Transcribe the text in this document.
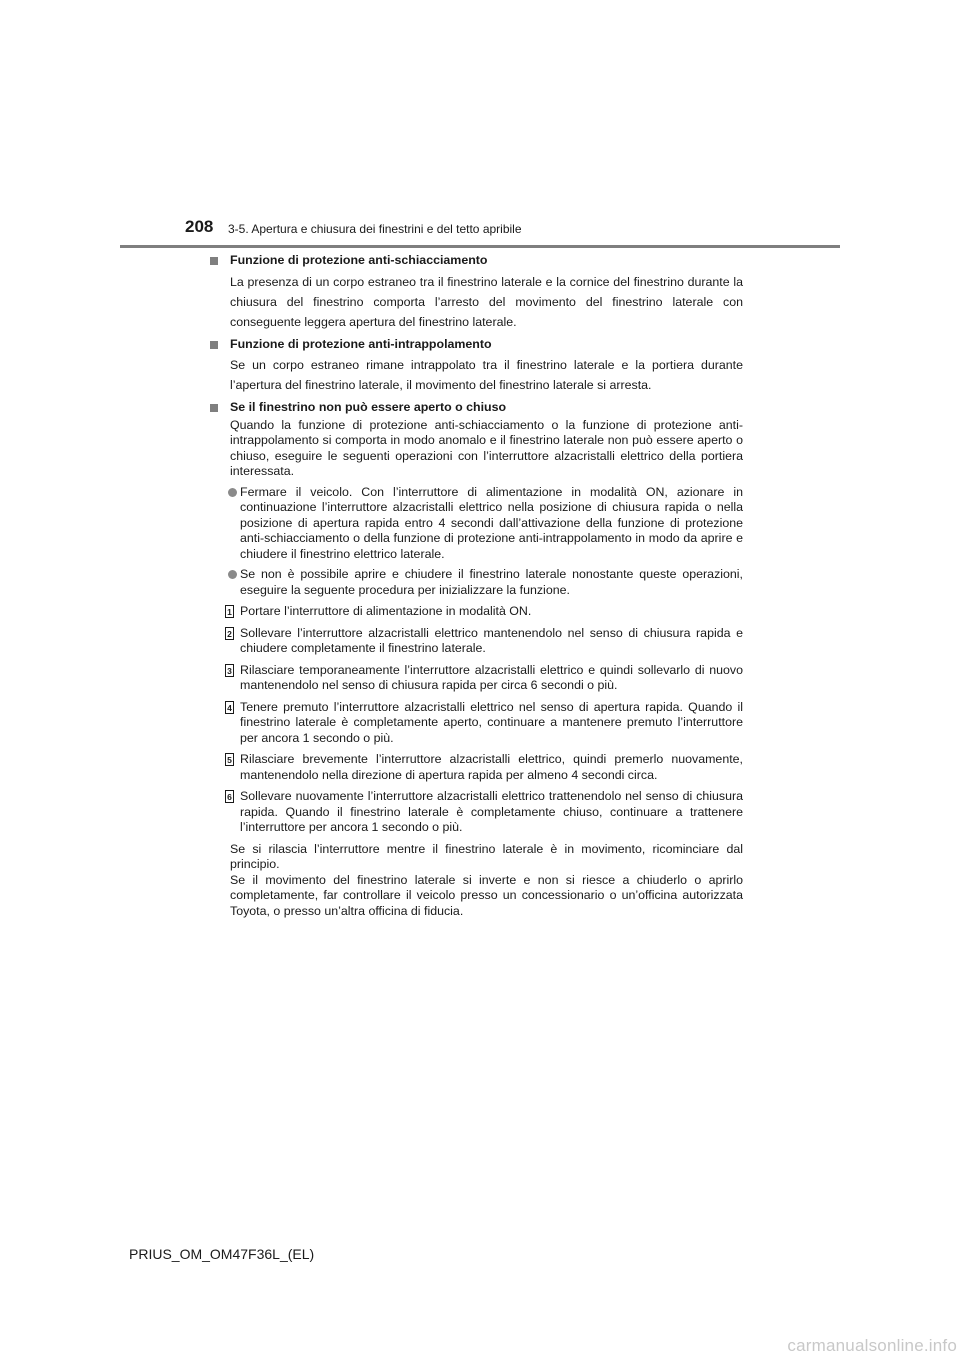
208 3-5. Apertura e chiusura dei finestrini e del tetto apribile
Funzione di protezione anti-schiacciamento
La presenza di un corpo estraneo tra il finestrino laterale e la cornice del finestrino durante la chiusura del finestrino comporta l’arresto del movimento del finestrino laterale con conseguente leggera apertura del finestrino laterale.
Funzione di protezione anti-intrappolamento
Se un corpo estraneo rimane intrappolato tra il finestrino laterale e la portiera durante l’apertura del finestrino laterale, il movimento del finestrino laterale si arresta.
Se il finestrino non può essere aperto o chiuso
Quando la funzione di protezione anti-schiacciamento o la funzione di protezione anti-intrappolamento si comporta in modo anomalo e il finestrino laterale non può essere aperto o chiuso, eseguire le seguenti operazioni con l’interruttore alzacristalli elettrico della portiera interessata.
Fermare il veicolo. Con l’interruttore di alimentazione in modalità ON, azionare in continuazione l’interruttore alzacristalli elettrico nella posizione di chiusura rapida o nella posizione di apertura rapida entro 4 secondi dall’attivazione della funzione di protezione anti-schiacciamento o della funzione di protezione anti-intrappolamento in modo da aprire e chiudere il finestrino elettrico laterale.
Se non è possibile aprire e chiudere il finestrino laterale nonostante queste operazioni, eseguire la seguente procedura per inizializzare la funzione.
1 Portare l’interruttore di alimentazione in modalità ON.
2 Sollevare l’interruttore alzacristalli elettrico mantenendolo nel senso di chiusura rapida e chiudere completamente il finestrino laterale.
3 Rilasciare temporaneamente l’interruttore alzacristalli elettrico e quindi sollevarlo di nuovo mantenendolo nel senso di chiusura rapida per circa 6 secondi o più.
4 Tenere premuto l’interruttore alzacristalli elettrico nel senso di apertura rapida. Quando il finestrino laterale è completamente aperto, continuare a mantenere premuto l’interruttore per ancora 1 secondo o più.
5 Rilasciare brevemente l’interruttore alzacristalli elettrico, quindi premerlo nuovamente, mantenendolo nella direzione di apertura rapida per almeno 4 secondi circa.
6 Sollevare nuovamente l’interruttore alzacristalli elettrico trattenendolo nel senso di chiusura rapida. Quando il finestrino laterale è completamente chiuso, continuare a trattenere l’interruttore per ancora 1 secondo o più.
Se si rilascia l’interruttore mentre il finestrino laterale è in movimento, ricominciare dal principio.
Se il movimento del finestrino laterale si inverte e non si riesce a chiuderlo o aprirlo completamente, far controllare il veicolo presso un concessionario o un’officina autorizzata Toyota, o presso un’altra officina di fiducia.
PRIUS_OM_OM47F36L_(EL)
carmanualsonline.info
